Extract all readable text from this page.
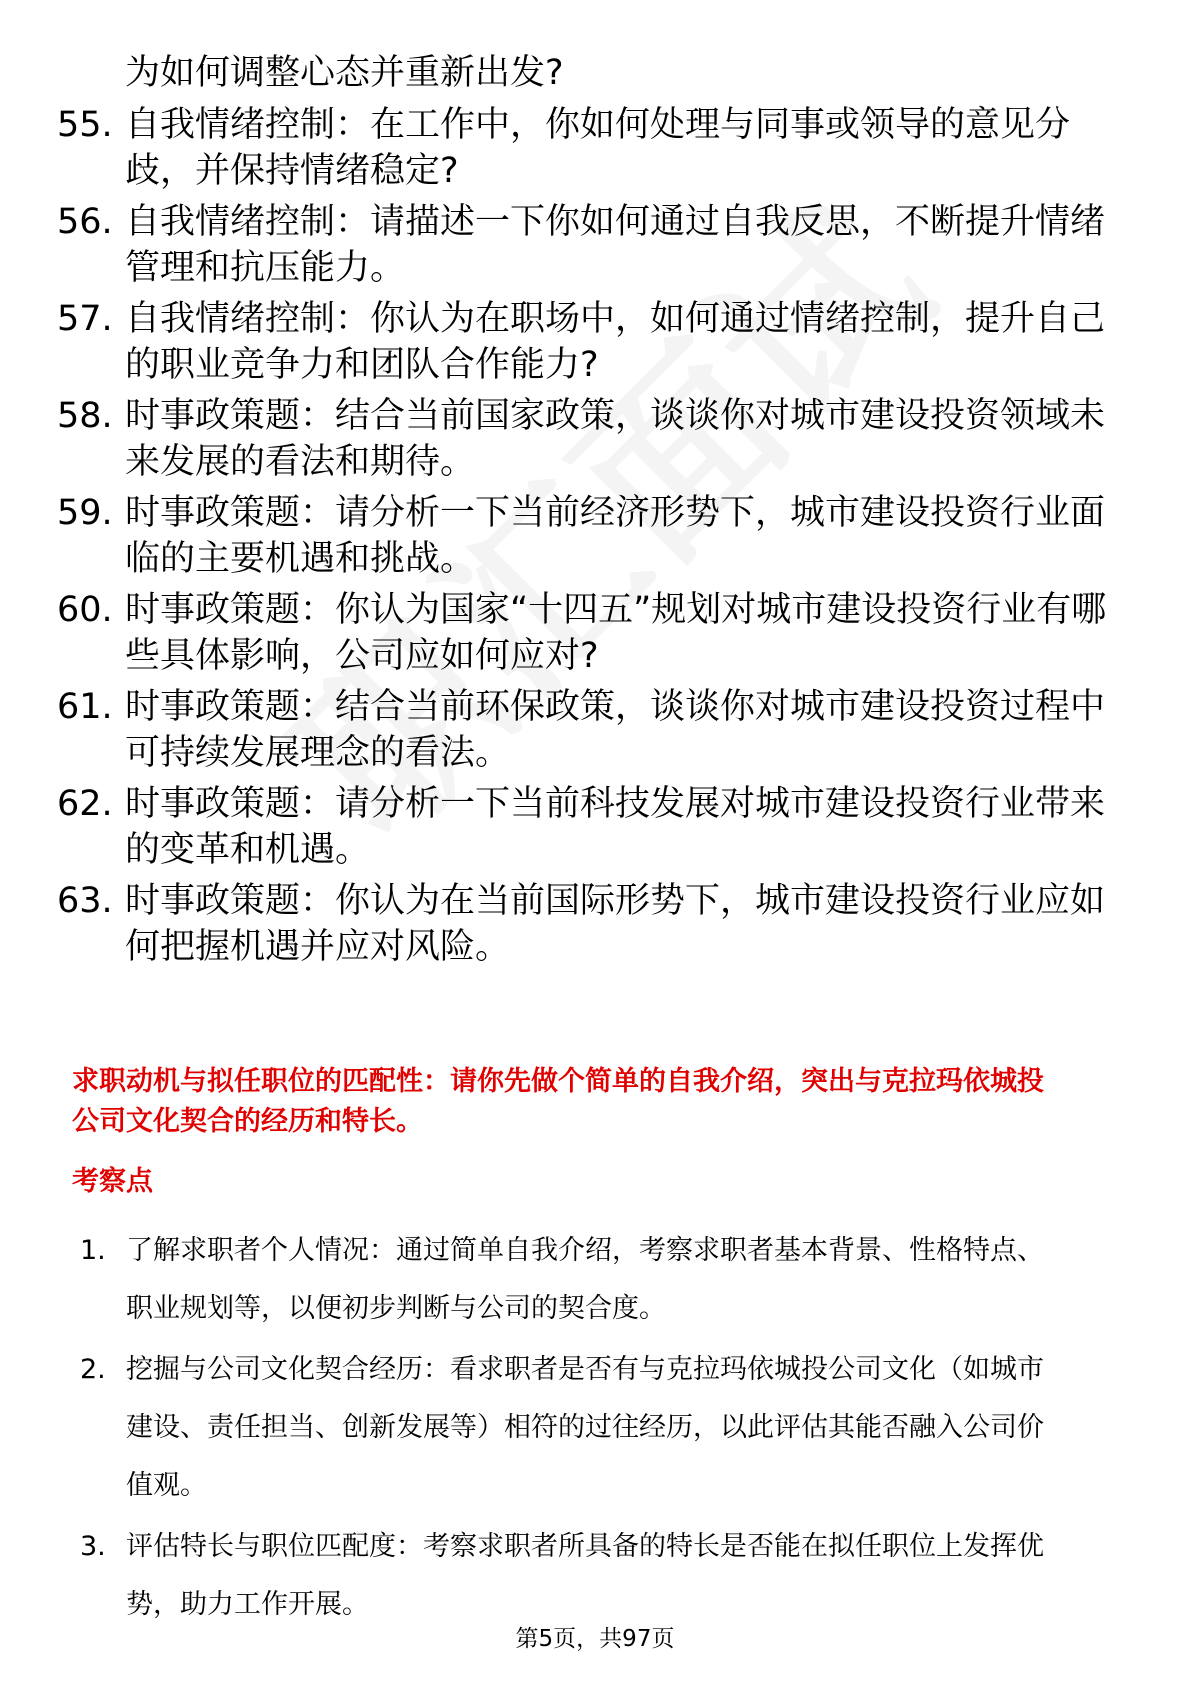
为如何调整心态并重新出发?
55. 自我情绪控制：在工作中，你如何处理与同事或领导的意见分
歧，并保持情绪稳定?
56. 自我情绪控制：请描述一下你如何通过自我反思，不断提升情绪
管理和抗压能力。
57. 自我情绪控制：你认为在职场中，如何通过情绪控制，提升自己
的职业竞争力和团队合作能力?
58. 时事政策题：结合当前国家政策，谈谈你对城市建设投资领域未
来发展的看法和期待。
59. 时事政策题：请分析一下当前经济形势下，城市建设投资行业面
临的主要机遇和挑战。
60. 时事政策题：你认为国家“十四五”规划对城市建设投资行业有哪
些具体影响，公司应如何应对?
61. 时事政策题：结合当前环保政策，谈谈你对城市建设投资过程中
可持续发展理念的看法。
62. 时事政策题：请分析一下当前科技发展对城市建设投资行业带来
的变革和机遇。
63. 时事政策题：你认为在当前国际形势下，城市建设投资行业应如
何把握机遇并应对风险。
求职动机与拟任职位的匹配性：请你先做个简单的自我介绍，突出与克拉玛依城投
公司文化契合的经历和特长。
考察点
1. 了解求职者个人情况：通过简单自我介绍，考察求职者基本背景、性格特点、
职业规划等，以便初步判断与公司的契合度。
2. 挖掘与公司文化契合经历：看求职者是否有与克拉玛依城投公司文化（如城市
建设、责任担当、创新发展等）相符的过往经历，以此评估其能否融入公司价
值观。
3. 评估特长与职位匹配度：考察求职者所具备的特长是否能在拟任职位上发挥优
势，助力工作开展。
第5页，共97页
